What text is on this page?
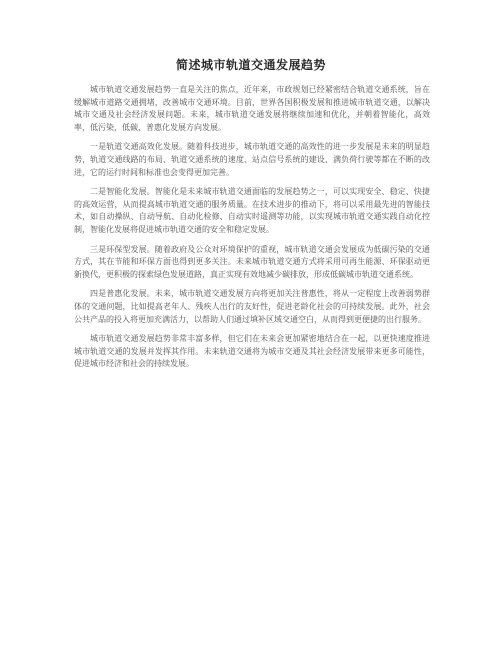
简述城市轨道交通发展趋势

城市轨道交通发展趋势一直是关注的焦点，近年来，市政规划已经紧密结合轨道交通系统，旨在缓解城市道路交通拥堵，改善城市交通环境。目前，世界各国积极发展和推进城市轨道交通，以解决城市交通及社会经济发展问题。未来，城市轨道交通发展将继续加速和优化，并朝着智能化，高效率，低污染，低碳，普惠化发展方向发展。

一是轨道交通高效化发展。随着科技进步，城市轨道交通的高效性的进一步发展是未来的明显趋势，轨道交通线路的布局、轨道交通系统的速度、站点信号系统的建设、满负荷行驶等都在不断的改进，它的运行时间和标准也会变得更加完善。

二是智能化发展。智能化是未来城市轨道交通面临的发展趋势之一，可以实现安全、稳定、快捷的高效运营，从而提高城市轨道交通的服务质量。在技术进步的推动下，将可以采用最先进的智能技术，如自动操纵、自动导航、自动化检修、自动实时遥测等功能，以实现城市轨道交通实践自动化控制，智能化发展将促进城市轨道交通的安全和稳定发展。

三是环保型发展。随着政府及公众对环境保护的重视，城市轨道交通会发展成为低碳污染的交通方式，其在节能和环保方面也得到更多关注。未来城市轨道交通方式将采用可再生能源、环保驱动更新换代，更积极的探索绿色发展道路，真正实现有效地减少碳排放，形成低碳城市轨道交通系统。

四是普惠化发展。未来，城市轨道交通发展方向将更加关注普惠性，将从一定程度上改善弱势群体的交通问题，比如提高老年人、残疾人出行的友好性，促进老龄化社会的可持续发展。此外，社会公共产品的投入将更加充满活力，以帮助人们通过填补区域交通空白，从而得到更便捷的出行服务。

城市轨道交通发展趋势非常丰富多样，但它们在未来会更加紧密地结合在一起，以更快速度推进城市轨道交通的发展并发挥其作用。未来轨道交通将为城市交通及其社会经济发展带来更多可能性，促进城市经济和社会的持续发展。
